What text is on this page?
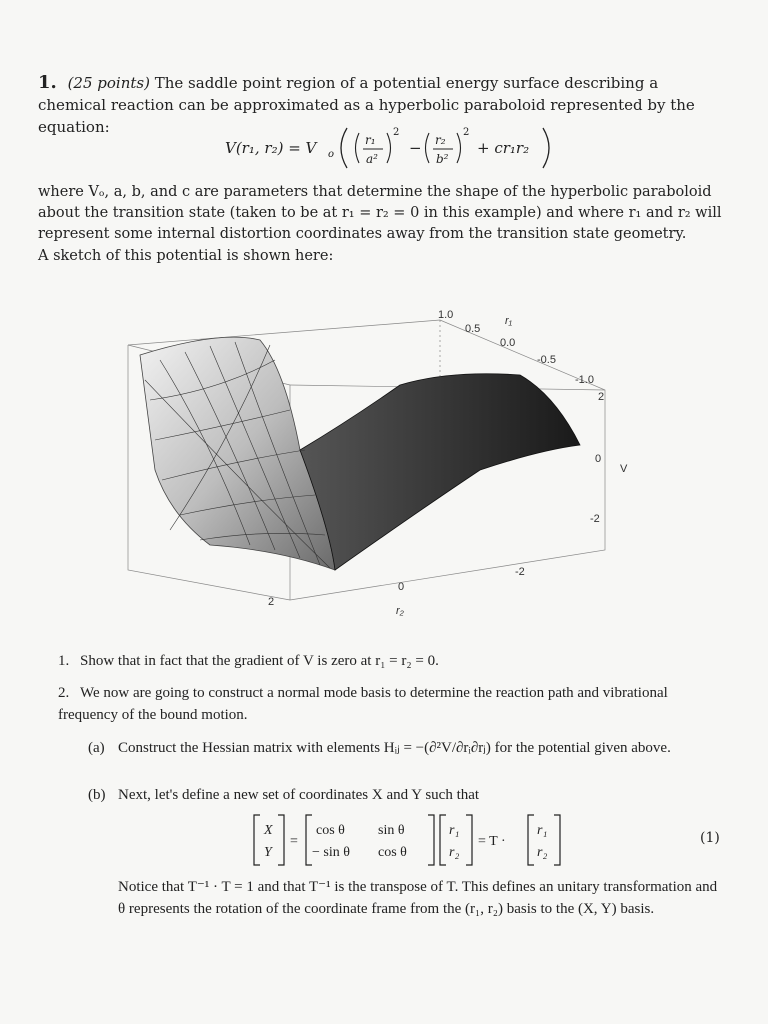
1. (25 points) The saddle point region of a potential energy surface describing a chemical reaction can be approximated as a hyperbolic paraboloid represented by the equation:
V(r₁, r₂) = V o
r₁
a²
2
− r₂
b²
2
+ cr₁r₂
where Vₒ, a, b, and c are parameters that determine the shape of the hyperbolic paraboloid about the transition state (taken to be at r₁ = r₂ = 0 in this example) and where r₁ and r₂ will represent some internal distortion coordinates away from the transition state geometry.
A sketch of this potential is shown here:
1.0
0.5
0.0
-0.5
-1.0
r₁
2
0
-2
V
2
0
-2
r₂
1. Show that in fact that the gradient of V is zero at r₁ = r₂ = 0.
2. We now are going to construct a normal mode basis to determine the reaction path and vibrational frequency of the bound motion.
(a) Construct the Hessian matrix with elements Hᵢⱼ = −(∂²V/∂rᵢ∂rⱼ) for the potential given above.
(b) Next, let's define a new set of coordinates X and Y such that
X
Y
=
cos θ sin θ
− sin θ cos θ
r₁
r₂
= T ·
r₁
r₂
(1)
Notice that T⁻¹ · T = 1 and that T⁻¹ is the transpose of T. This defines an unitary transformation and θ represents the rotation of the coordinate frame from the (r₁, r₂) basis to the (X, Y) basis.
